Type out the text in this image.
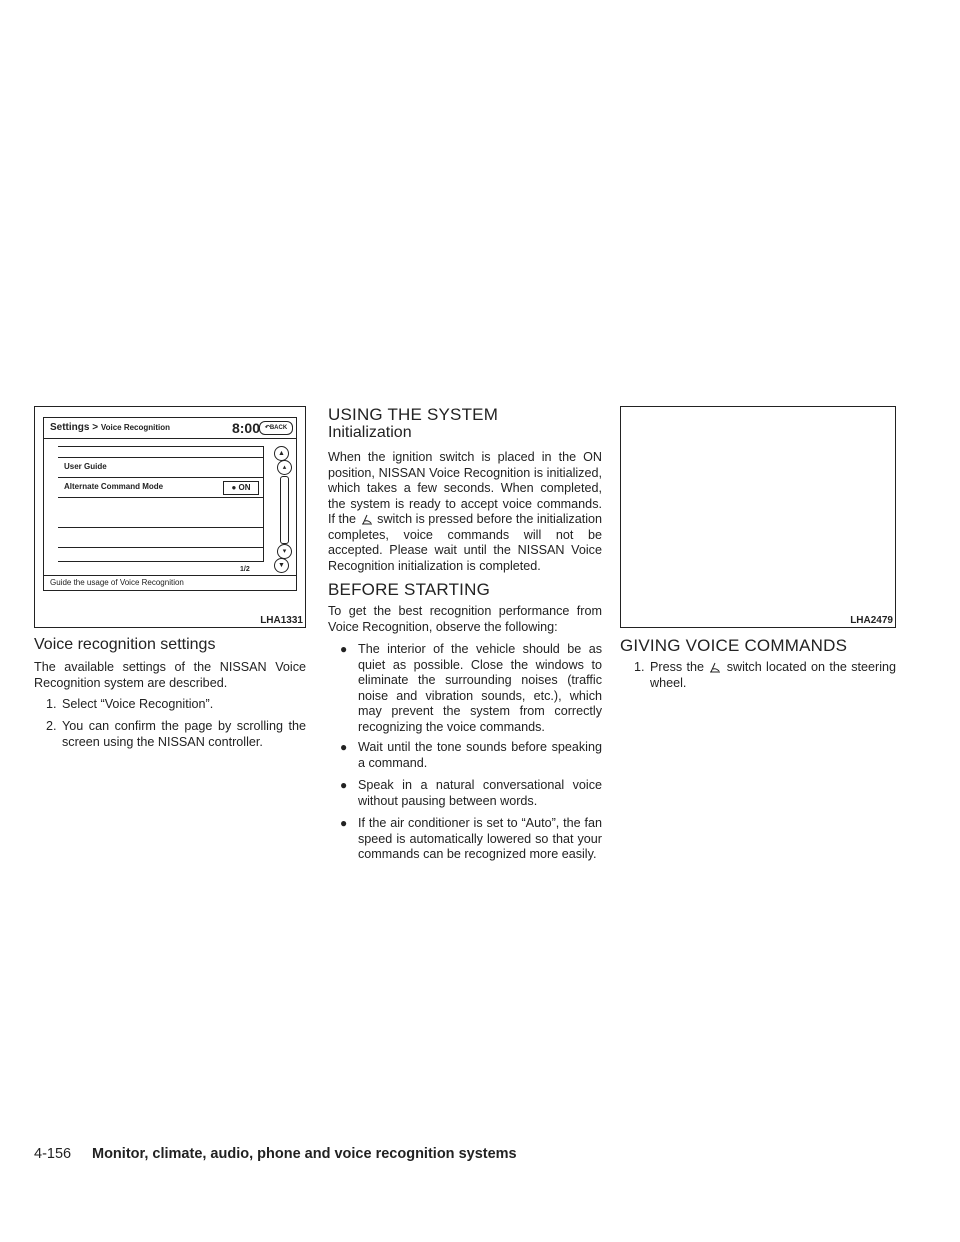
Settings > Voice Recognition	8:00 ↶BACK
User Guide
Alternate Command Mode	● ON
▲
▴
▾
▼
1/2
Guide the usage of Voice Recognition
LHA1331
Voice recognition settings
The available settings of the NISSAN Voice Recognition system are described.
1. Select “Voice Recognition”.
2. You can confirm the page by scrolling the screen using the NISSAN controller.
USING THE SYSTEM
Initialization
When the ignition switch is placed in the ON position, NISSAN Voice Recognition is initialized, which takes a few seconds. When completed, the system is ready to accept voice commands. If the switch is pressed before the initialization completes, voice commands will not be accepted. Please wait until the NISSAN Voice Recognition initialization is completed.
BEFORE STARTING
To get the best recognition performance from Voice Recognition, observe the following:
● The interior of the vehicle should be as quiet as possible. Close the windows to eliminate the surrounding noises (traffic noise and vibration sounds, etc.), which may prevent the system from correctly recognizing the voice commands.
● Wait until the tone sounds before speaking a command.
● Speak in a natural conversational voice without pausing between words.
● If the air conditioner is set to “Auto”, the fan speed is automatically lowered so that your commands can be recognized more easily.
LHA2479
GIVING VOICE COMMANDS
1. Press the switch located on the steering wheel.
4-156 Monitor, climate, audio, phone and voice recognition systems
